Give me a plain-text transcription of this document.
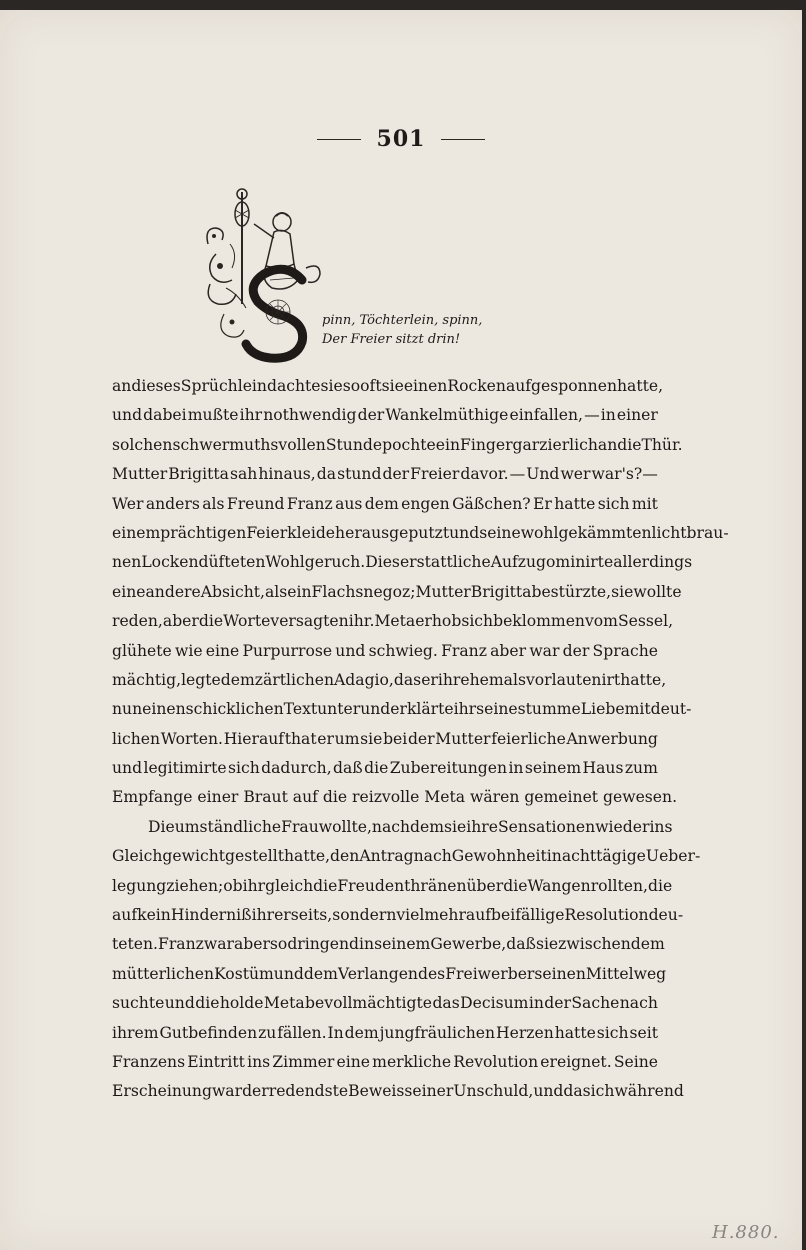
501
pinn, Töchterlein, spinn,
Der Freier sitzt drin!
an dieses Sprüchlein dachte sie so oft sie einen Rocken aufgesponnen hatte,
und dabei mußte ihr nothwendig der Wankelmüthige einfallen, — in einer
solchen schwermuthsvollen Stunde pochte ein Finger gar zierlich an die Thür.
Mutter Brigitta sah hinaus, da stund der Freier davor. — Und wer war's?—
Wer anders als Freund Franz aus dem engen Gäßchen? Er hatte sich mit
einem prächtigen Feierkleide herausgeputzt und seine wohlgekämmten lichtbrau-
nen Locken düfteten Wohlgeruch. Dieser stattliche Aufzug ominirte allerdings
eine andere Absicht, als ein Flachsnegoz; Mutter Brigitta bestürzte, sie wollte
reden, aber die Worte versagten ihr. Meta erhob sich beklommen vom Sessel,
glühete wie eine Purpurrose und schwieg. Franz aber war der Sprache
mächtig, legte dem zärtlichen Adagio, das er ihr ehemals vorlautenirt hatte,
nun einen schicklichen Text unter und erklärte ihr seine stumme Liebe mit deut-
lichen Worten. Hierauf that er um sie bei der Mutter feierliche Anwerbung
und legitimirte sich dadurch, daß die Zubereitungen in seinem Haus zum
Empfange einer Braut auf die reizvolle Meta wären gemeinet gewesen.
Die umständliche Frau wollte, nachdem sie ihre Sensationen wieder ins
Gleichgewicht gestellt hatte, den Antrag nach Gewohnheit in achttägige Ueber-
legung ziehen; ob ihr gleich die Freudenthränen über die Wangen rollten, die
auf kein Hinderniß ihrerseits, sondern vielmehr auf beifällige Resolution deu-
teten. Franz war aber so dringend in seinem Gewerbe, daß sie zwischen dem
mütterlichen Kostüm und dem Verlangen des Freiwerbers einen Mittelweg
suchte und die holde Meta bevollmächtigte das Decisum in der Sache nach
ihrem Gutbefinden zu fällen. In dem jungfräulichen Herzen hatte sich seit
Franzens Eintritt ins Zimmer eine merkliche Revolution ereignet. Seine
Erscheinung war der redendste Beweis seiner Unschuld, und da sich während
H.880.
